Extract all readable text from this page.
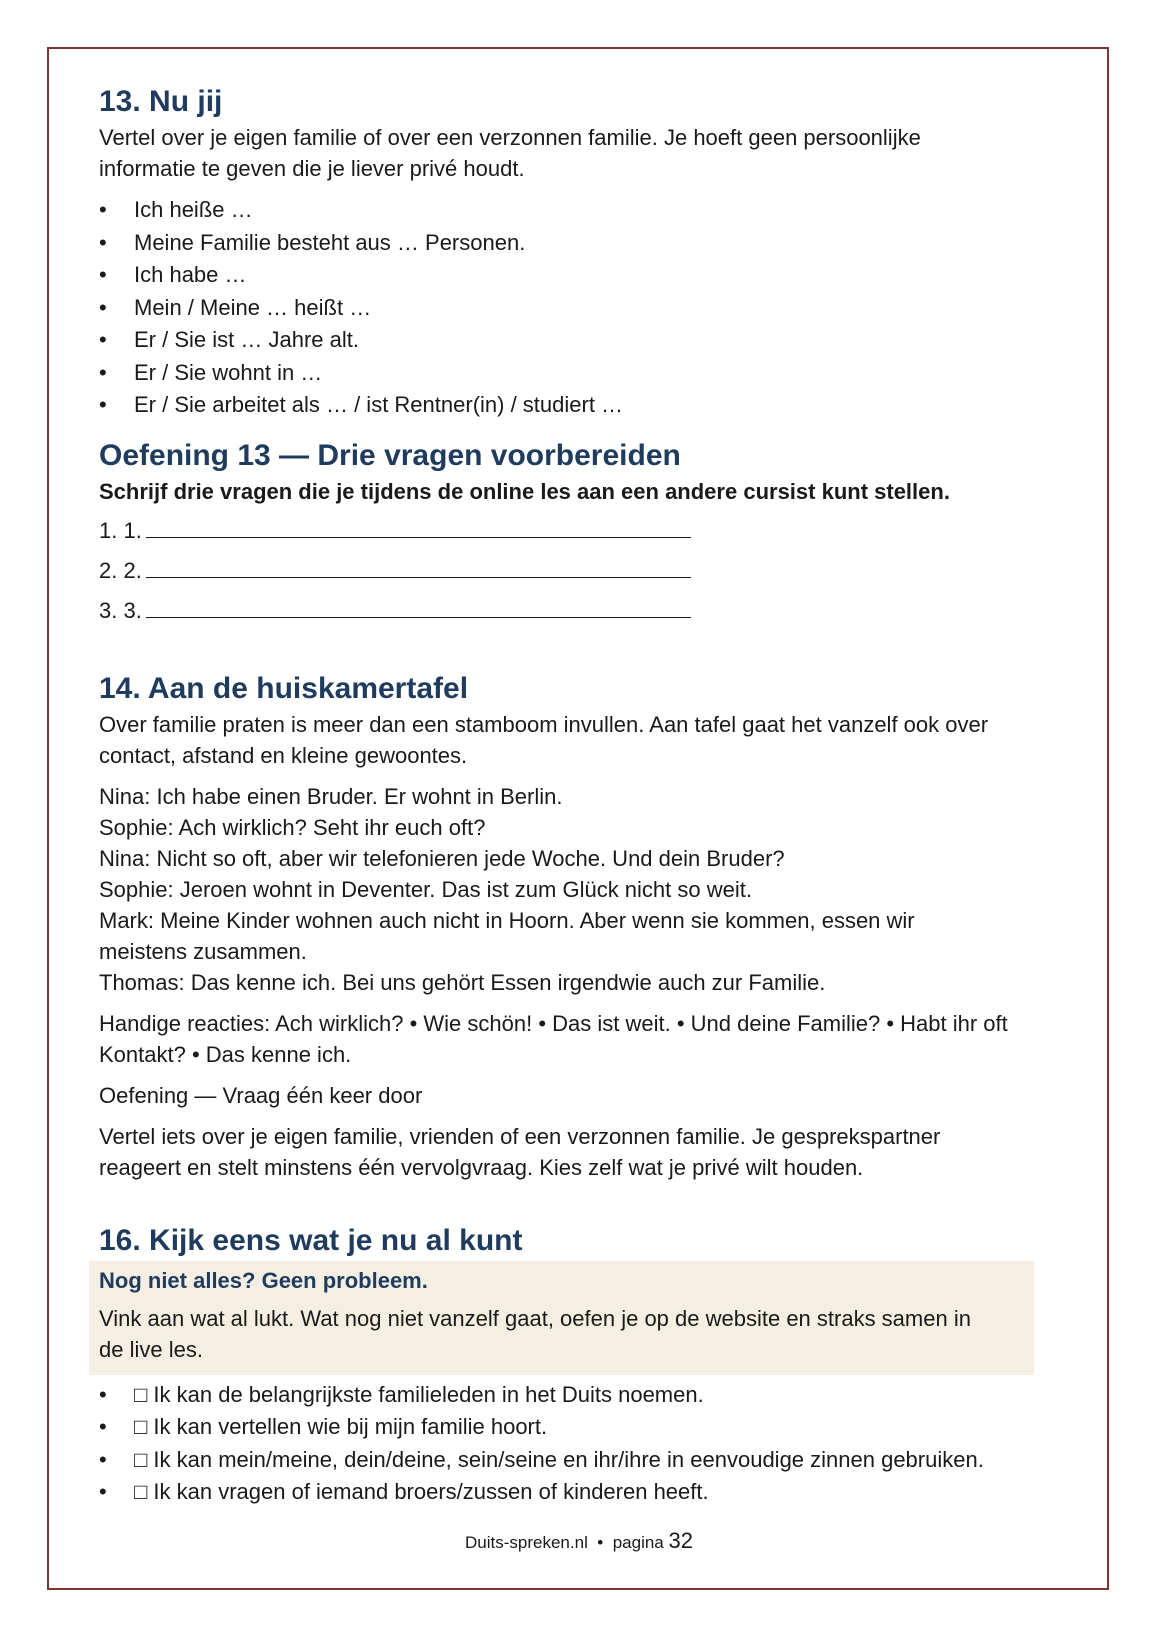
13. Nu jij

Vertel over je eigen familie of over een verzonnen familie. Je hoeft geen persoonlijke informatie te geven die je liever privé houdt.

• Ich heiße …
• Meine Familie besteht aus … Personen.
• Ich habe …
• Mein / Meine … heißt …
• Er / Sie ist … Jahre alt.
• Er / Sie wohnt in …
• Er / Sie arbeitet als … / ist Rentner(in) / studiert …
Oefening 13 — Drie vragen voorbereiden

Schrijf drie vragen die je tijdens de online les aan een andere cursist kunt stellen.

1. 1.
2. 2.
3. 3.
14. Aan de huiskamertafel

Over familie praten is meer dan een stamboom invullen. Aan tafel gaat het vanzelf ook over contact, afstand en kleine gewoontes.

Nina: Ich habe einen Bruder. Er wohnt in Berlin.

Sophie: Ach wirklich? Seht ihr euch oft?

Nina: Nicht so oft, aber wir telefonieren jede Woche. Und dein Bruder?

Sophie: Jeroen wohnt in Deventer. Das ist zum Glück nicht so weit.

Mark: Meine Kinder wohnen auch nicht in Hoorn. Aber wenn sie kommen, essen wir meistens zusammen.

Thomas: Das kenne ich. Bei uns gehört Essen irgendwie auch zur Familie.

Handige reacties: Ach wirklich? • Wie schön! • Das ist weit. • Und deine Familie? • Habt ihr oft Kontakt? • Das kenne ich.

Oefening — Vraag één keer door

Vertel iets over je eigen familie, vrienden of een verzonnen familie. Je gesprekspartner reageert en stelt minstens één vervolgvraag. Kies zelf wat je privé wilt houden.

16. Kijk eens wat je nu al kunt
Nog niet alles? Geen probleem.

Vink aan wat al lukt. Wat nog niet vanzelf gaat, oefen je op de website en straks samen in de live les.

• □ Ik kan de belangrijkste familieleden in het Duits noemen.
• □ Ik kan vertellen wie bij mijn familie hoort.
• □ Ik kan mein/meine, dein/deine, sein/seine en ihr/ihre in eenvoudige zinnen gebruiken.
• □ Ik kan vragen of iemand broers/zussen of kinderen heeft.
Duits-spreken.nl • pagina 32
